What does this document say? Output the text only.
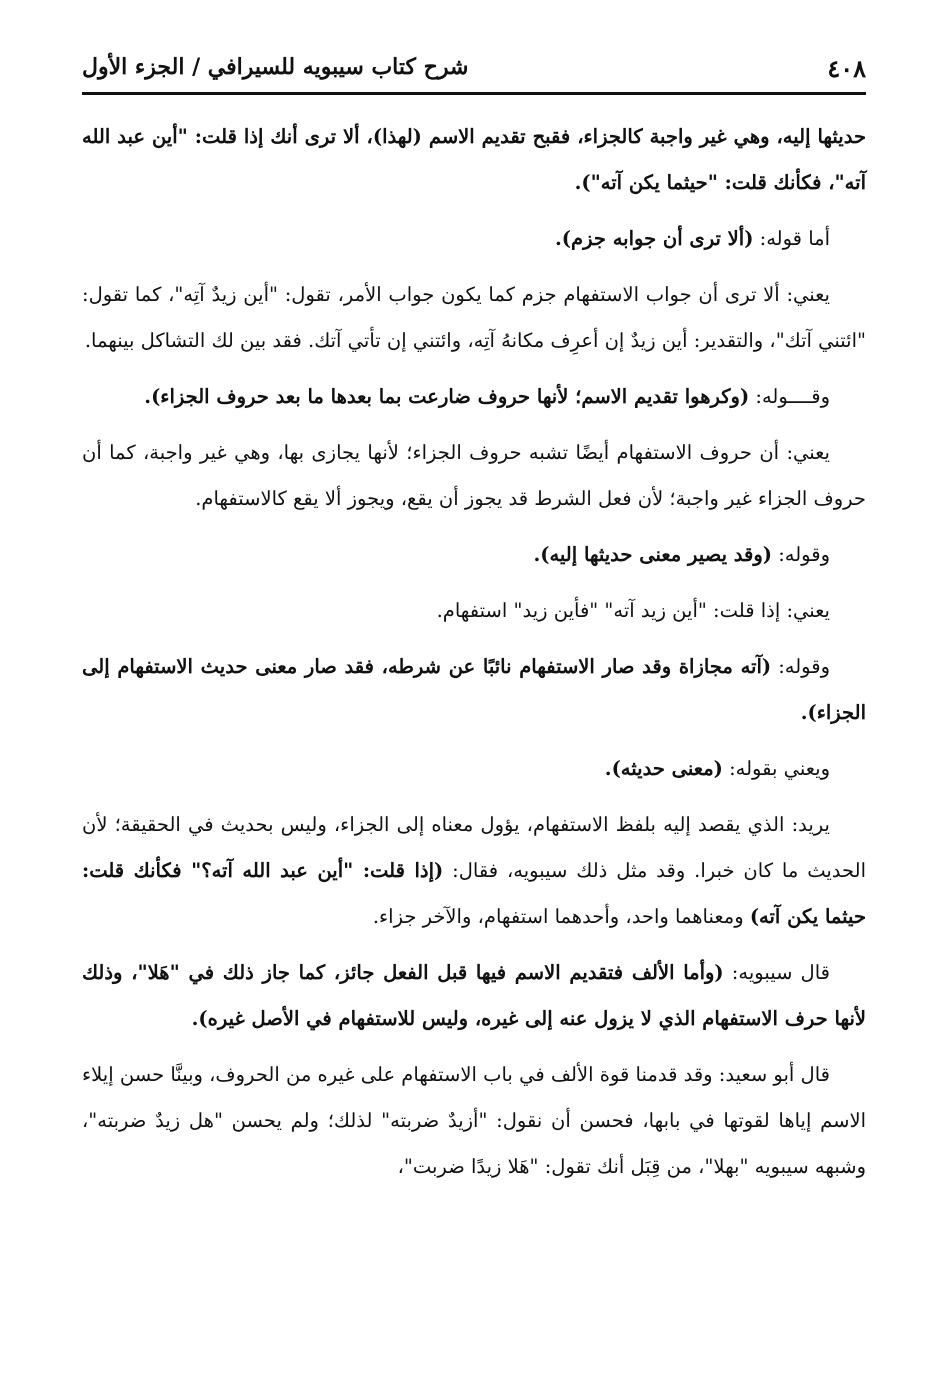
٤٠٨
شرح كتاب سيبويه للسيرافي / الجزء الأول

حديثها إليه، وهي غير واجبة كالجزاء، فقبح تقديم الاسم (لهذا)، ألا ترى أنك إذا قلت: "أين عبد الله آته"، فكأنك قلت: "حيثما يكن آته").

أما قوله: (ألا ترى أن جوابه جزم).

يعني: ألا ترى أن جواب الاستفهام جزم كما يكون جواب الأمر، تقول: "أين زيدٌ آتِه"، كما تقول: "ائتني آتك"، والتقدير: أين زيدٌ إن أعرِف مكانهُ آتِه، وائتني إن تأتي آتك. فقد بين لك التشاكل بينهما.

وقــــوله: (وكرهوا تقديم الاسم؛ لأنها حروف ضارعت بما بعدها ما بعد حروف الجزاء).

يعني: أن حروف الاستفهام أيضًا تشبه حروف الجزاء؛ لأنها يجازى بها، وهي غير واجبة، كما أن حروف الجزاء غير واجبة؛ لأن فعل الشرط قد يجوز أن يقع، ويجوز ألا يقع كالاستفهام.

وقوله: (وقد يصير معنى حديثها إليه).

يعني: إذا قلت: "أين زيد آته" "فأين زيد" استفهام.

وقوله: (آته مجازاة وقد صار الاستفهام نائبًا عن شرطه، فقد صار معنى حديث الاستفهام إلى الجزاء).

ويعني بقوله: (معنى حديثه).

يريد: الذي يقصد إليه بلفظ الاستفهام، يؤول معناه إلى الجزاء، وليس بحديث في الحقيقة؛ لأن الحديث ما كان خبرا. وقد مثل ذلك سيبويه، فقال: (إذا قلت: "أين عبد الله آته؟" فكأنك قلت: حيثما يكن آته) ومعناهما واحد، وأحدهما استفهام، والآخر جزاء.

قال سيبويه: (وأما الألف فتقديم الاسم فيها قبل الفعل جائز، كما جاز ذلك في "هَلا"، وذلك لأنها حرف الاستفهام الذي لا يزول عنه إلى غيره، وليس للاستفهام في الأصل غيره).

قال أبو سعيد: وقد قدمنا قوة الألف في باب الاستفهام على غيره من الحروف، وبينَّا حسن إيلاء الاسم إياها لقوتها في بابها، فحسن أن نقول: "أزيدٌ ضربته" لذلك؛ ولم يحسن "هل زيدٌ ضربته"، وشبهه سيبويه "بهلا"، من قِبَل أنك تقول: "هَلا زيدًا ضربت"،
